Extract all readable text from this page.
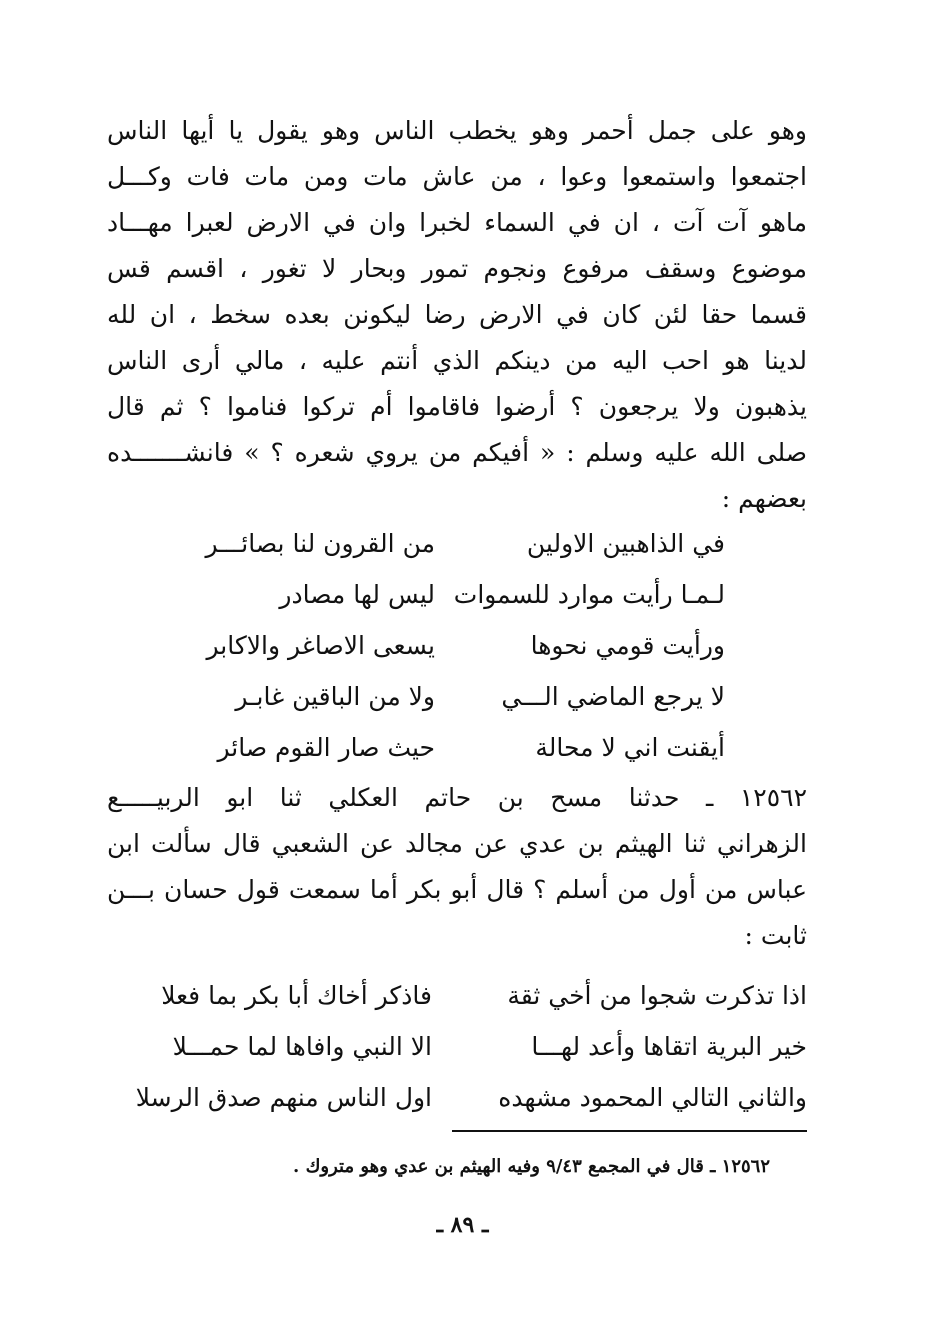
وهو على جمل أحمر وهو يخطب الناس وهو يقول يا أيها الناس
اجتمعوا واستمعوا وعوا ، من عاش مات ومن مات فات وكـــل
ماهو آت آت ، ان في السماء لخبرا وان في الارض لعبرا مهـــاد
موضوع وسقف مرفوع ونجوم تمور وبحار لا تغور ، اقسم قس
قسما حقا لئن كان في الارض رضا ليكونن بعده سخط ، ان لله
لدينا هو احب اليه من دينكم الذي أنتم عليه ، مالي أرى الناس
يذهبون ولا يرجعون ؟ أرضوا فاقاموا أم تركوا فناموا ؟ ثم قال
صلى الله عليه وسلم : « أفيكم من يروي شعره ؟ » فانشـــــــده
بعضهم :
في الذاهبين الاولين
من القرون لنا بصائـــر
لـمـا رأيت موارد للسموات
ليس لها مصادر
ورأيت قومي نحوها
يسعى الاصاغر والاكابر
لا يرجع الماضي الـــي
ولا من الباقين غابـر
أيقنت اني لا محالة
حيث صار القوم صائر
١٢٥٦٢ ـ حدثنا مسح بن حاتم العكلي ثنا ابو الربيـــــع
الزهراني ثنا الهيثم بن عدي عن مجالد عن الشعبي قال سألت ابن
عباس من أول من أسلم ؟ قال أبو بكر أما سمعت قول حسان بـــن
ثابت :
اذا تذكرت شجوا من أخي ثقة
فاذكر أخاك أبا بكر بما فعلا
خير البرية اتقاها وأعد لهـــا
الا النبي وافاها لما حمـــلا
والثاني التالي المحمود مشهده
اول الناس منهم صدق الرسلا
١٢٥٦٢ ـ قال في المجمع ٩/٤٣ وفيه الهيثم بن عدي وهو متروك .
ـ ٨٩ ـ
